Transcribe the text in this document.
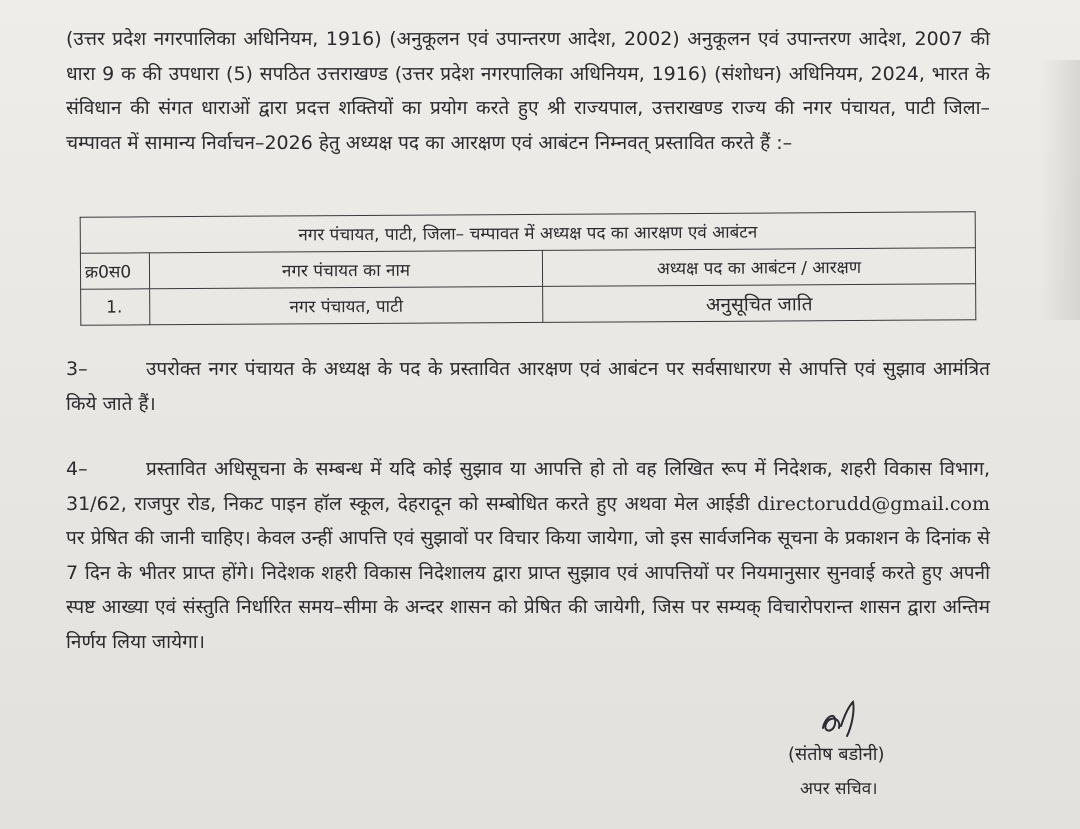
(उत्तर प्रदेश नगरपालिका अधिनियम, 1916) (अनुकूलन एवं उपान्तरण आदेश, 2002) अनुकूलन एवं उपान्तरण आदेश, 2007 की धारा 9 क की उपधारा (5) सपठित उत्तराखण्ड (उत्तर प्रदेश नगरपालिका अधिनियम, 1916) (संशोधन) अधिनियम, 2024, भारत के संविधान की संगत धाराओं द्वारा प्रदत्त शक्तियों का प्रयोग करते हुए श्री राज्यपाल, उत्तराखण्ड राज्य की नगर पंचायत, पाटी जिला–चम्पावत में सामान्य निर्वाचन–2026 हेतु अध्यक्ष पद का आरक्षण एवं आबंटन निम्नवत् प्रस्तावित करते हैं :–

नगर पंचायत, पाटी, जिला– चम्पावत में अध्यक्ष पद का आरक्षण एवं आबंटन		
क्र0स0	नगर पंचायत का नाम	अध्यक्ष पद का आबंटन / आरक्षण
1.	नगर पंचायत, पाटी	अनुसूचित जाति

3–	उपरोक्त नगर पंचायत के अध्यक्ष के पद के प्रस्तावित आरक्षण एवं आबंटन पर सर्वसाधारण से आपत्ति एवं सुझाव आमंत्रित किये जाते हैं।

4–	प्रस्तावित अधिसूचना के सम्बन्ध में यदि कोई सुझाव या आपत्ति हो तो वह लिखित रूप में निदेशक, शहरी विकास विभाग, 31/62, राजपुर रोड, निकट पाइन हॉल स्कूल, देहरादून को सम्बोधित करते हुए अथवा मेल आईडी directorudd@gmail.com पर प्रेषित की जानी चाहिए। केवल उन्हीं आपत्ति एवं सुझावों पर विचार किया जायेगा, जो इस सार्वजनिक सूचना के प्रकाशन के दिनांक से 7 दिन के भीतर प्राप्त होंगे। निदेशक शहरी विकास निदेशालय द्वारा प्राप्त सुझाव एवं आपत्तियों पर नियमानुसार सुनवाई करते हुए अपनी स्पष्ट आख्या एवं संस्तुति निर्धारित समय–सीमा के अन्दर शासन को प्रेषित की जायेगी, जिस पर सम्यक् विचारोपरान्त शासन द्वारा अन्तिम निर्णय लिया जायेगा।

(संतोष बडोनी)
अपर सचिव।
